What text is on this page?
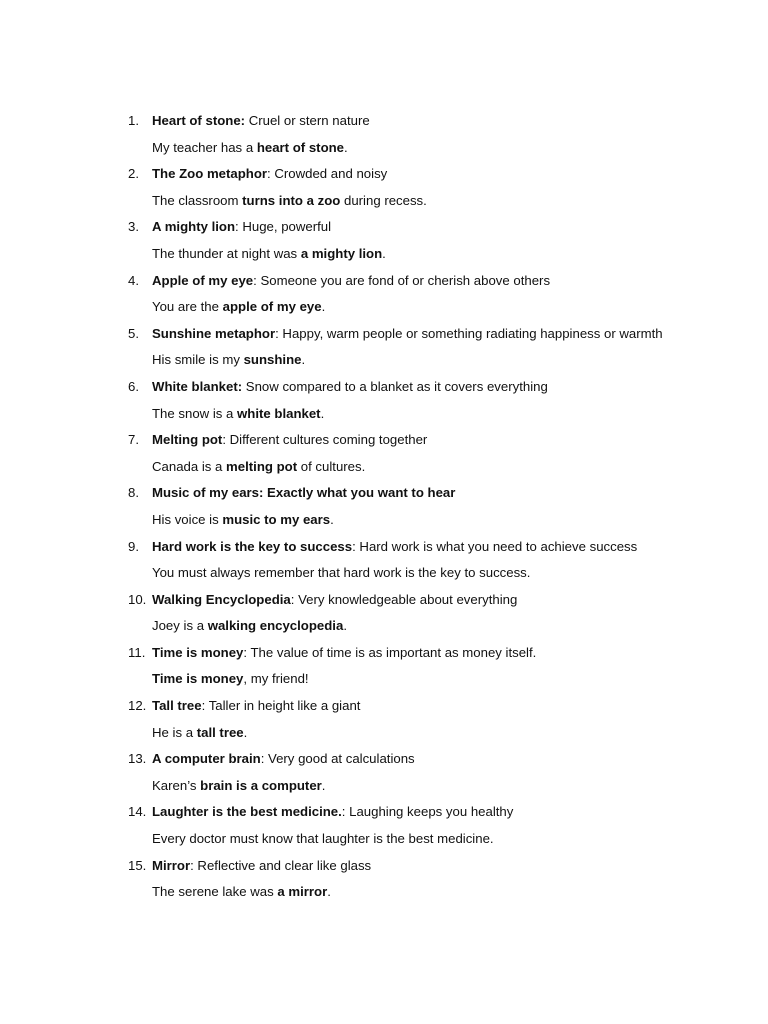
1. Heart of stone: Cruel or stern nature
My teacher has a heart of stone.
2. The Zoo metaphor: Crowded and noisy
The classroom turns into a zoo during recess.
3. A mighty lion: Huge, powerful
The thunder at night was a mighty lion.
4. Apple of my eye: Someone you are fond of or cherish above others
You are the apple of my eye.
5. Sunshine metaphor: Happy, warm people or something radiating happiness or warmth
His smile is my sunshine.
6. White blanket: Snow compared to a blanket as it covers everything
The snow is a white blanket.
7. Melting pot: Different cultures coming together
Canada is a melting pot of cultures.
8. Music of my ears: Exactly what you want to hear
His voice is music to my ears.
9. Hard work is the key to success: Hard work is what you need to achieve success
You must always remember that hard work is the key to success.
10. Walking Encyclopedia: Very knowledgeable about everything
Joey is a walking encyclopedia.
11. Time is money: The value of time is as important as money itself.
Time is money, my friend!
12. Tall tree: Taller in height like a giant
He is a tall tree.
13. A computer brain: Very good at calculations
Karen’s brain is a computer.
14. Laughter is the best medicine.: Laughing keeps you healthy
Every doctor must know that laughter is the best medicine.
15. Mirror: Reflective and clear like glass
The serene lake was a mirror.
